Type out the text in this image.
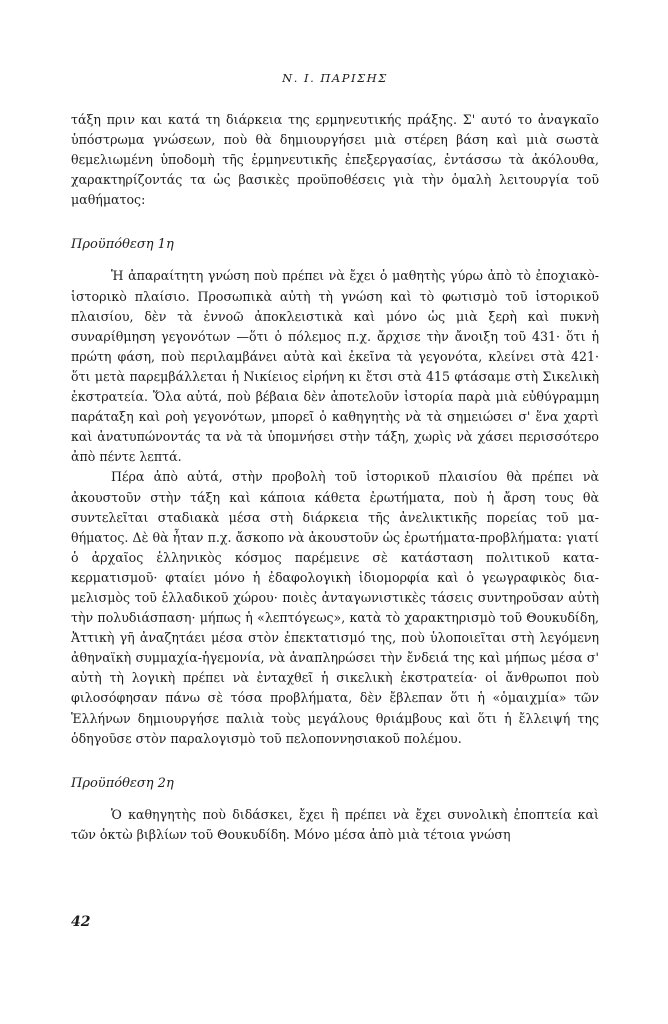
Ν. Ι. ΠΑΡΙΣΗΣ

τάξη πριν και κατά τη διάρκεια της ερμηνευτικής πράξης. Σ' αυτό το ἀναγκαῖο ὑπόστρωμα γνώσεων, ποὺ θὰ δημιουργήσει μιὰ στέρεη βάση καὶ μιὰ σωστὰ θεμελιωμένη ὑποδομὴ τῆς ἑρμηνευτικῆς ἐπεξεργασίας, ἐντάσσω τὰ ἀκόλουθα, χαρακτηρίζοντάς τα ὡς βασικὲς προϋποθέσεις γιὰ τὴν ὁμαλὴ λειτουργία τοῦ μαθήματος:

Προϋπόθεση 1η

Ἡ ἀπαραίτητη γνώση ποὺ πρέπει νὰ ἔχει ὁ μαθητὴς γύρω ἀπὸ τὸ ἐποχιακὸ-ἱστορικὸ πλαίσιο. Προσωπικὰ αὐτὴ τὴ γνώση καὶ τὸ φωτισμὸ τοῦ ἱστορικοῦ πλαισίου, δὲν τὰ ἐννοῶ ἀποκλειστικὰ καὶ μόνο ὡς μιὰ ξερὴ καὶ πυκνὴ συναρίθμηση γεγονότων —ὅτι ὁ πόλεμος π.χ. ἄρχισε τὴν ἄνοιξη τοῦ 431· ὅτι ἡ πρώτη φάση, ποὺ περιλαμβάνει αὐτὰ καὶ ἐκεῖνα τὰ γεγονότα, κλείνει στὰ 421· ὅτι μετὰ παρεμβάλλεται ἡ Νικίειος εἰρήνη κι ἔτσι στὰ 415 φτάσαμε στὴ Σικελικὴ ἐκστρατεία. Ὅλα αὐτά, ποὺ βέβαια δὲν ἀποτελοῦν ἱστορία παρὰ μιὰ εὐθύγραμμη παράταξη καὶ ροὴ γεγονότων, μπορεῖ ὁ καθηγητὴς νὰ τὰ σημειώσει σ' ἕνα χαρτὶ καὶ ἀνατυπώνοντάς τα νὰ τὰ ὑπομνήσει στὴν τάξη, χωρὶς νὰ χάσει περισσότερο ἀπὸ πέντε λεπτά.

Πέρα ἀπὸ αὐτά, στὴν προβολὴ τοῦ ἱστορικοῦ πλαισίου θὰ πρέπει νὰ ἀκουστοῦν στὴν τάξη καὶ κάποια κάθετα ἐρωτήματα, ποὺ ἡ ἄρση τους θὰ συντελεῖται σταδιακὰ μέσα στὴ διάρκεια τῆς ἀνελικτικῆς πορείας τοῦ μαθήματος. Δὲ θὰ ἦταν π.χ. ἄσκοπο νὰ ἀκουστοῦν ὡς ἐρωτήματα-προβλήματα: γιατί ὁ ἀρχαῖος ἑλληνικὸς κόσμος παρέμεινε σὲ κατάσταση πολιτικοῦ κατακερματισμοῦ· φταίει μόνο ἡ ἐδαφολογικὴ ἰδιομορφία καὶ ὁ γεωγραφικὸς διαμελισμὸς τοῦ ἑλλαδικοῦ χώρου· ποιὲς ἀνταγωνιστικὲς τάσεις συντηροῦσαν αὐτὴ τὴν πολυδιάσπαση· μήπως ἡ «λεπτόγεως», κατὰ τὸ χαρακτηρισμὸ τοῦ Θουκυδίδη, Ἀττικὴ γῆ ἀναζητάει μέσα στὸν ἐπεκτατισμό της, ποὺ ὑλοποιεῖται στὴ λεγόμενη ἀθηναϊκὴ συμμαχία-ἡγεμονία, νὰ ἀναπληρώσει τὴν ἔνδειά της καὶ μήπως μέσα σ' αὐτὴ τὴ λογικὴ πρέπει νὰ ἐνταχθεῖ ἡ σικελικὴ ἐκστρατεία· οἱ ἄνθρωποι ποὺ φιλοσόφησαν πάνω σὲ τόσα προβλήματα, δὲν ἔβλεπαν ὅτι ἡ «ὁμαιχμία» τῶν Ἑλλήνων δημιουργήσε παλιὰ τοὺς μεγάλους θριάμβους καὶ ὅτι ἡ ἔλλειψή της ὁδηγοῦσε στὸν παραλογισμὸ τοῦ πελοποννησιακοῦ πολέμου.

Προϋπόθεση 2η

Ὁ καθηγητὴς ποὺ διδάσκει, ἔχει ἢ πρέπει νὰ ἔχει συνολικὴ ἐποπτεία καὶ τῶν ὀκτὼ βιβλίων τοῦ Θουκυδίδη. Μόνο μέσα ἀπὸ μιὰ τέτοια γνώση

42
